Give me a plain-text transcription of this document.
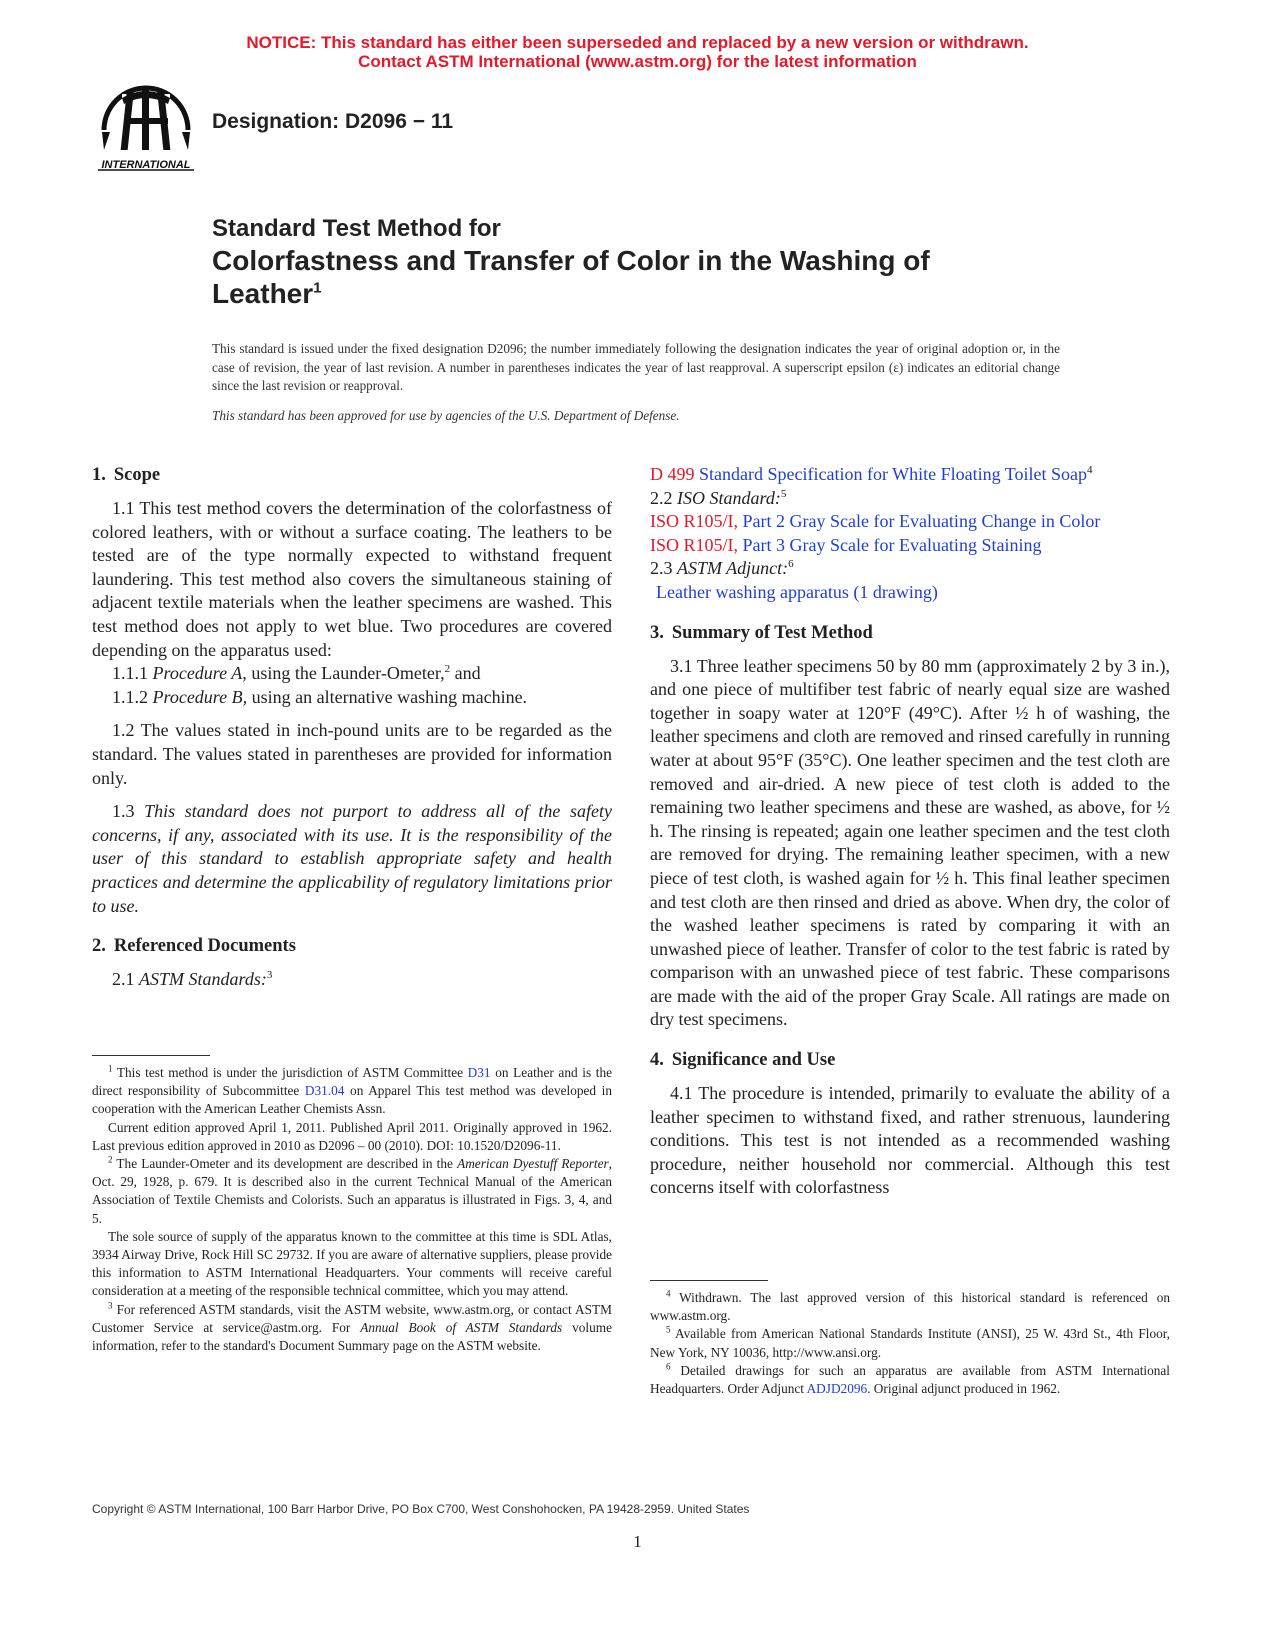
NOTICE: This standard has either been superseded and replaced by a new version or withdrawn.
Contact ASTM International (www.astm.org) for the latest information
INTERNATIONAL
Designation: D2096 − 11
Standard Test Method for
Colorfastness and Transfer of Color in the Washing of
Leather$^1$
This standard is issued under the fixed designation D2096; the number immediately following the designation indicates the year of original adoption or, in the case of revision, the year of last revision. A number in parentheses indicates the year of last reapproval. A superscript epsilon (ε) indicates an editorial change since the last revision or reapproval.
This standard has been approved for use by agencies of the U.S. Department of Defense.
1. Scope

1.1 This test method covers the determination of the colorfastness of colored leathers, with or without a surface coating. The leathers to be tested are of the type normally expected to withstand frequent laundering. This test method also covers the simultaneous staining of adjacent textile materials when the leather specimens are washed. This test method does not apply to wet blue. Two procedures are covered depending on the apparatus used:

1.1.1 Procedure A, using the Launder-Ometer,$^2$ and

1.1.2 Procedure B, using an alternative washing machine.

1.2 The values stated in inch-pound units are to be regarded as the standard. The values stated in parentheses are provided for information only.

1.3 This standard does not purport to address all of the safety concerns, if any, associated with its use. It is the responsibility of the user of this standard to establish appropriate safety and health practices and determine the applicability of regulatory limitations prior to use.

2. Referenced Documents

2.1 ASTM Standards:$^3$

$^1$ This test method is under the jurisdiction of ASTM Committee D31 on Leather and is the direct responsibility of Subcommittee D31.04 on Apparel This test method was developed in cooperation with the American Leather Chemists Assn.

Current edition approved April 1, 2011. Published April 2011. Originally approved in 1962. Last previous edition approved in 2010 as D2096 – 00 (2010). DOI: 10.1520/D2096-11.

$^2$ The Launder-Ometer and its development are described in the American Dyestuff Reporter, Oct. 29, 1928, p. 679. It is described also in the current Technical Manual of the American Association of Textile Chemists and Colorists. Such an apparatus is illustrated in Figs. 3, 4, and 5.

The sole source of supply of the apparatus known to the committee at this time is SDL Atlas, 3934 Airway Drive, Rock Hill SC 29732. If you are aware of alternative suppliers, please provide this information to ASTM International Headquarters. Your comments will receive careful consideration at a meeting of the responsible technical committee, which you may attend.

$^3$ For referenced ASTM standards, visit the ASTM website, www.astm.org, or contact ASTM Customer Service at service@astm.org. For Annual Book of ASTM Standards volume information, refer to the standard's Document Summary page on the ASTM website.

D 499 Standard Specification for White Floating Toilet Soap$^4$

2.2 ISO Standard:$^5$

ISO R105/I, Part 2 Gray Scale for Evaluating Change in Color

ISO R105/I, Part 3 Gray Scale for Evaluating Staining

2.3 ASTM Adjunct:$^6$

Leather washing apparatus (1 drawing)

3. Summary of Test Method

3.1 Three leather specimens 50 by 80 mm (approximately 2 by 3 in.), and one piece of multifiber test fabric of nearly equal size are washed together in soapy water at 120°F (49°C). After ½ h of washing, the leather specimens and cloth are removed and rinsed carefully in running water at about 95°F (35°C). One leather specimen and the test cloth are removed and air-dried. A new piece of test cloth is added to the remaining two leather specimens and these are washed, as above, for ½ h. The rinsing is repeated; again one leather specimen and the test cloth are removed for drying. The remaining leather specimen, with a new piece of test cloth, is washed again for ½ h. This final leather specimen and test cloth are then rinsed and dried as above. When dry, the color of the washed leather specimens is rated by comparing it with an unwashed piece of leather. Transfer of color to the test fabric is rated by comparison with an unwashed piece of test fabric. These comparisons are made with the aid of the proper Gray Scale. All ratings are made on dry test specimens.

4. Significance and Use

4.1 The procedure is intended, primarily to evaluate the ability of a leather specimen to withstand fixed, and rather strenuous, laundering conditions. This test is not intended as a recommended washing procedure, neither household nor commercial. Although this test concerns itself with colorfastness

$^4$ Withdrawn. The last approved version of this historical standard is referenced on www.astm.org.

$^5$ Available from American National Standards Institute (ANSI), 25 W. 43rd St., 4th Floor, New York, NY 10036, http://www.ansi.org.

$^6$ Detailed drawings for such an apparatus are available from ASTM International Headquarters. Order Adjunct ADJD2096. Original adjunct produced in 1962.

Copyright © ASTM International, 100 Barr Harbor Drive, PO Box C700, West Conshohocken, PA 19428-2959. United States
1
